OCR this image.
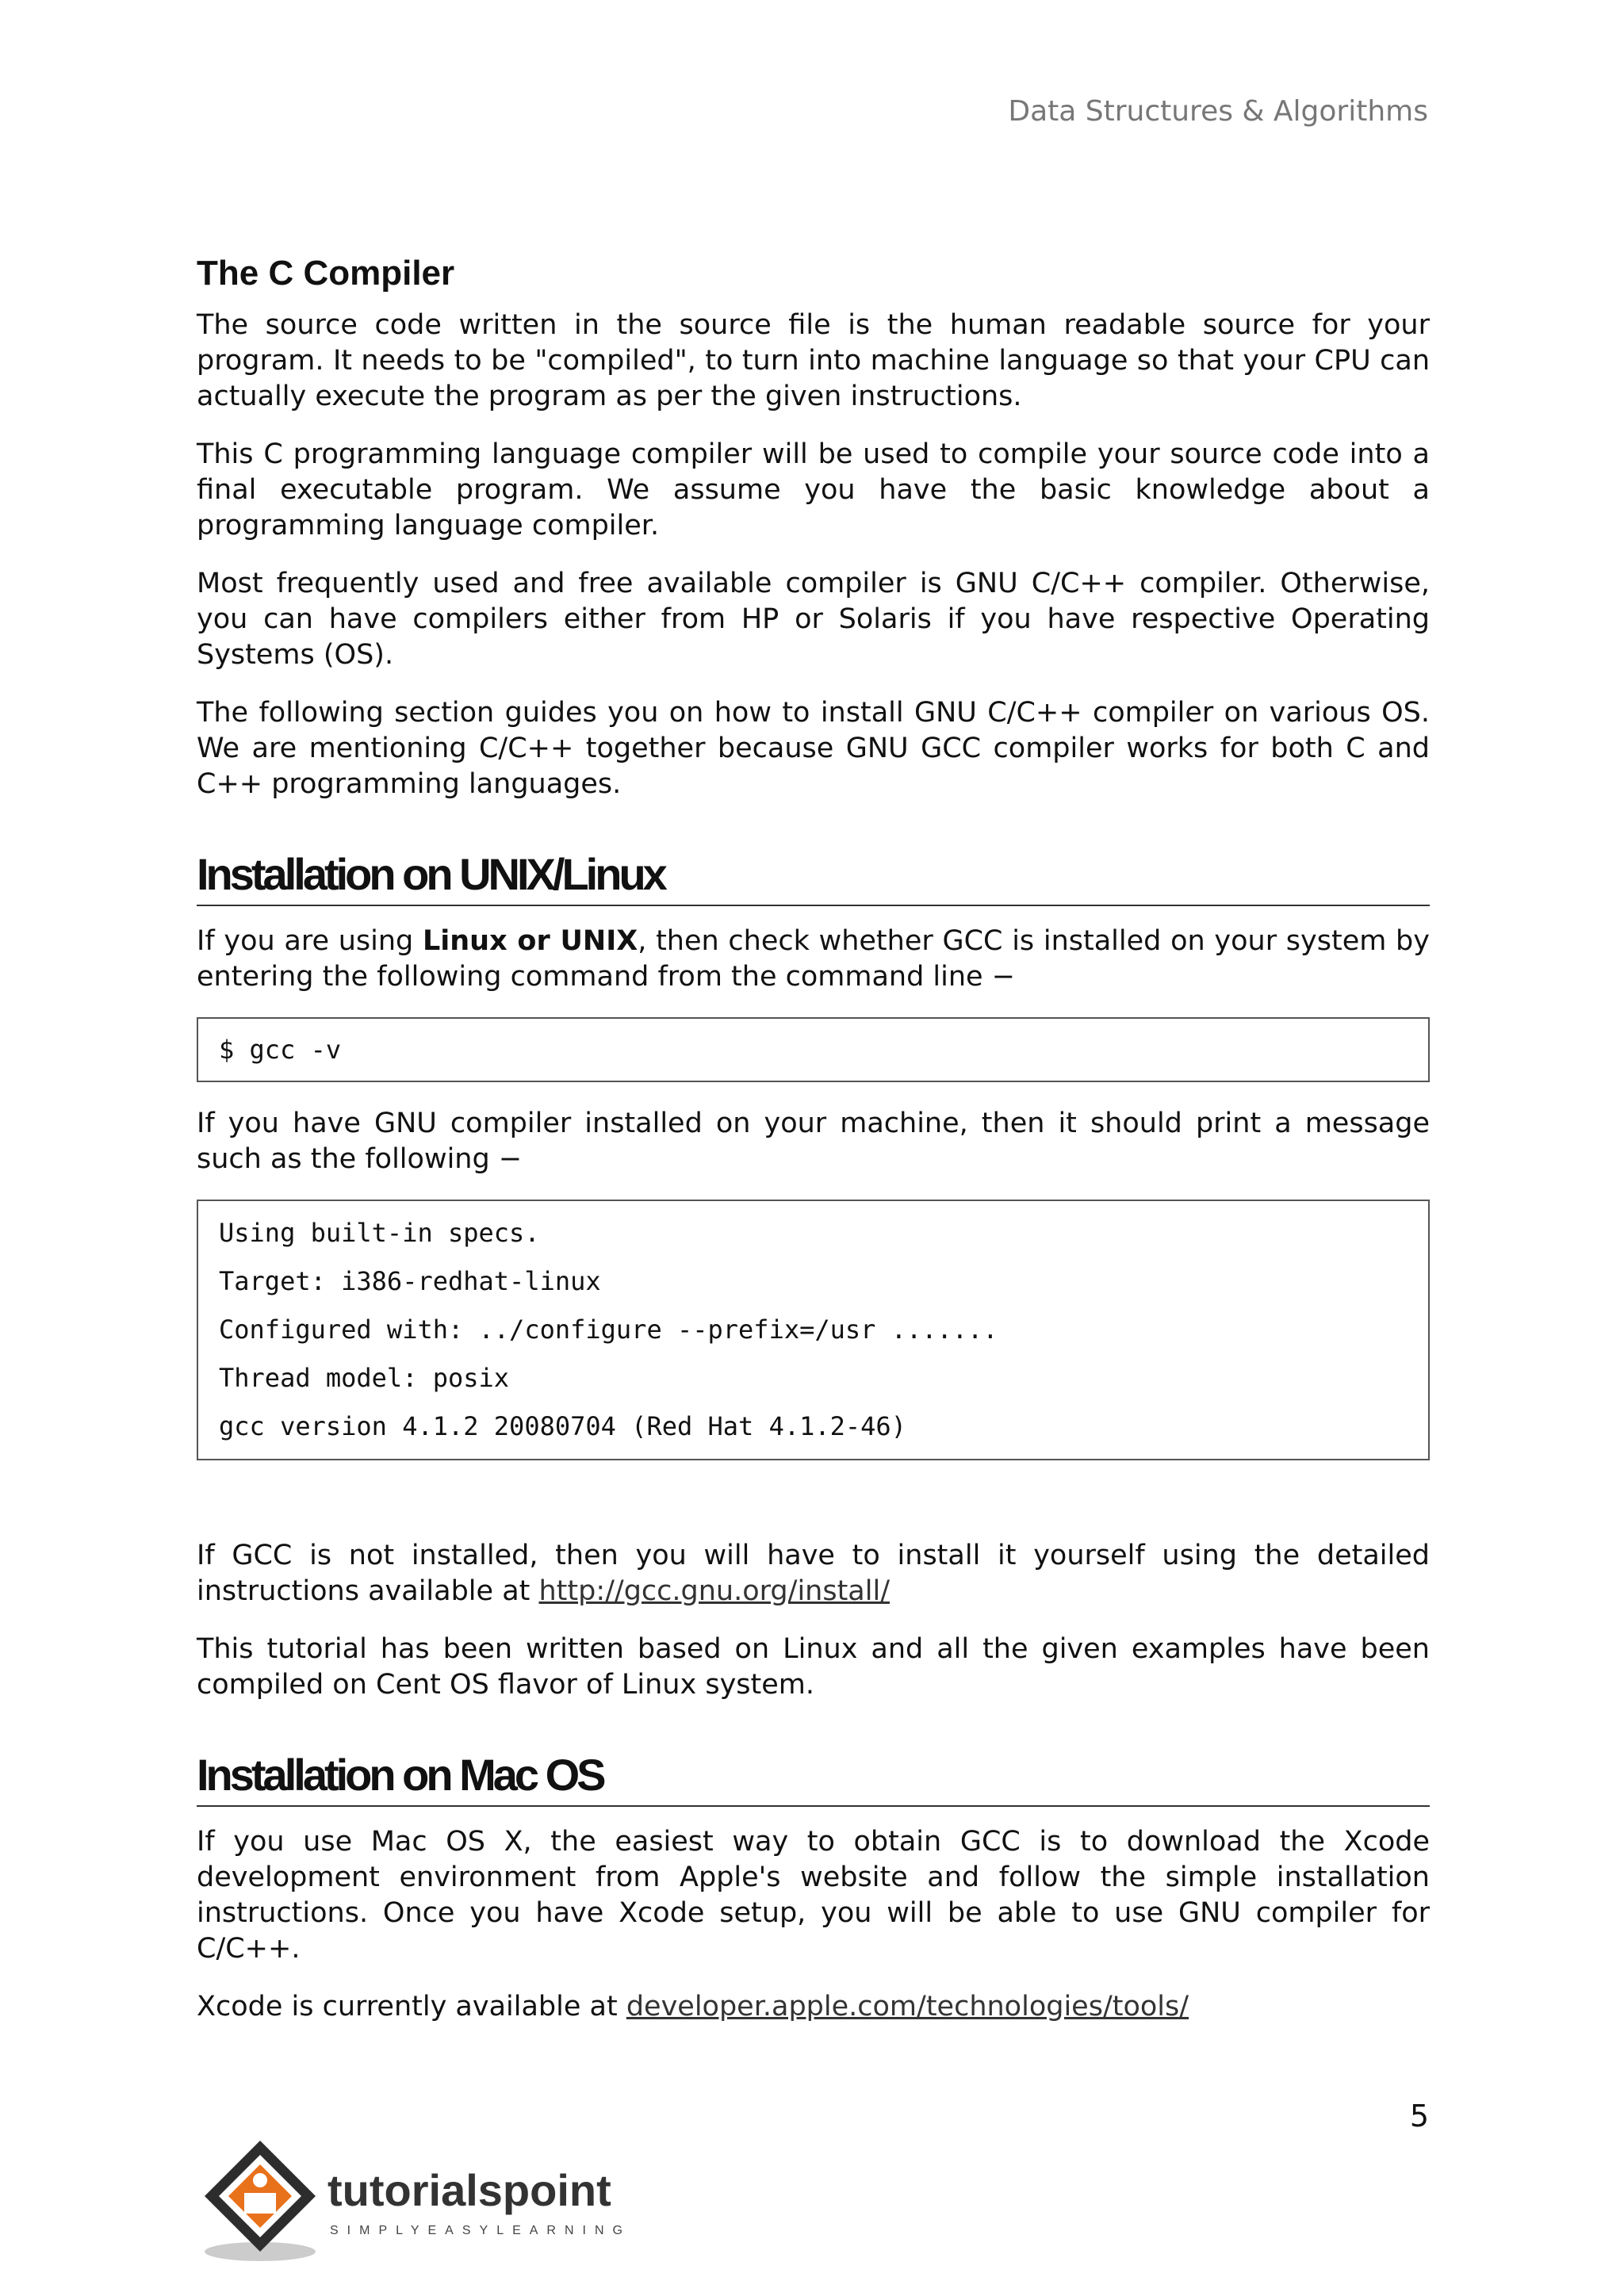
Data Structures & Algorithms
The C Compiler

The source code written in the source file is the human readable source for your program. It needs to be "compiled", to turn into machine language so that your CPU can actually execute the program as per the given instructions.

This C programming language compiler will be used to compile your source code into a final executable program. We assume you have the basic knowledge about a programming language compiler.

Most frequently used and free available compiler is GNU C/C++ compiler. Otherwise, you can have compilers either from HP or Solaris if you have respective Operating Systems (OS).

The following section guides you on how to install GNU C/C++ compiler on various OS. We are mentioning C/C++ together because GNU GCC compiler works for both C and C++ programming languages.

Installation on UNIX/Linux

If you are using Linux or UNIX, then check whether GCC is installed on your system by entering the following command from the command line −

$ gcc -v

If you have GNU compiler installed on your machine, then it should print a message such as the following −

Using built-in specs.
Target: i386-redhat-linux
Configured with: ../configure --prefix=/usr .......
Thread model: posix
gcc version 4.1.2 20080704 (Red Hat 4.1.2-46)

If GCC is not installed, then you will have to install it yourself using the detailed instructions available at http://gcc.gnu.org/install/

This tutorial has been written based on Linux and all the given examples have been compiled on Cent OS flavor of Linux system.

Installation on Mac OS

If you use Mac OS X, the easiest way to obtain GCC is to download the Xcode development environment from Apple's website and follow the simple installation instructions. Once you have Xcode setup, you will be able to use GNU compiler for C/C++.

Xcode is currently available at developer.apple.com/technologies/tools/

5
tutorialspoint
SIMPLYEASYLEARNING
